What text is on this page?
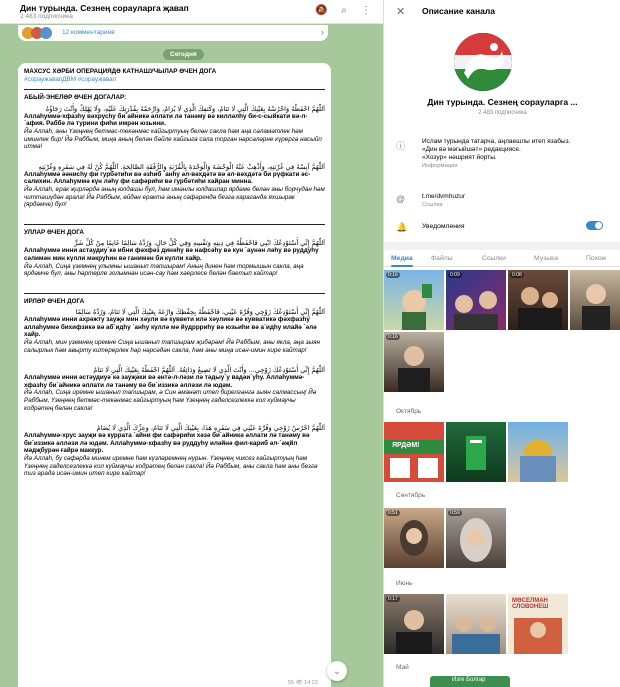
Дин турында. Сезнең сорауларга җавап
2 483 подписчика
🔕	⌕	⋮
12 комментариев	›
Сегодня
МАХСУС ХӘРБИ ОПЕРАЦИЯДӘ КАТНАШУЧЫЛАР ӨЧЕН ДОГА
#сораужавапДВМ #сораужавап
АБЫЙ-ЭНЕЛӘР ӨЧЕН ДОГАЛАР:
اَللّٰهُمَّ احْفَظْهُ وَاحْرُسْهُ بِعَيْنِكَ الَّتِي لَا تَنَامُ، وَكَنَفِكَ الَّذِي لَا يُرَامُ، وَارْحَمْهُ بِقُدْرَتِكَ عَلَيْهِ، وَلَا يَهْلِكْ وَأَنْتَ رَجَاؤُهُ
Аллаһуммә-хфазһу вәхрусһу би`айникә әллати лә танәму вә килләлһу би-с-сыйкати вә-л-`афия. Раббә лә турини фиһи имрән юзьини.
Йә Аллаһ, аны Үзеңнең бетмәс-текәнмәс кайгыртуың белән сакла һәм аңа сәламәтлек һәм иминлек бир! Йә Раббым, миңа аның белән бәйле кайгыга сала торган нәрсәләрне күрергә насыйп итмә!
اَللّٰهُمَّ آنِسْهُ فِي غُرْبَتِهِ، وَأَذْهِبْ عَنْهُ الْوَحْشَةَ وَالْوَحْدَةَ بِالْقُرْبَةِ وَالرُّفْقَةِ الصَّالِحَةِ. اَللّٰهُمَّ كُنْ لَهُ فِي سَفَرِهِ وَغُرْبَتِهِ
Аллаһуммә әәнисһу фи гурбәтиһи вә әзһиб `анһу әл-вәхдәтә вә әл-вәхдәтә би рүфкати әс-салихин. Аллаһуммә күн ләһу фи сафәриһи вә гурбәтиһи хайран минна.
Йә Аллаһ, ерак җирләрдә аның юлдашы бул, һәм имәнлы юлдашлар ярдәме белән аны борчудан һәм читтәшүдән арала! Йә Раббым, өйдән ерактә аның сәфәрендә безгә караганда яхшырак (ярдәмче) бул!
УЛЛАР ӨЧЕН ДОГА
اَللّٰهُمَّ إِنِّي أَسْتَوْدِعُكَ ابْنِي فَاحْفَظْهُ فِي دِينِهِ وَنَفْسِهِ وَفِي كُلِّ حَالٍ، وَرُدَّهُ سَالِمًا غَانِمًا مِنْ كُلِّ شَرٍّ
Аллаһуммә инни астаудиу`кә ибни фәхфәз динәһу вә нафсәһу вә кун `аунән ләһу вә руддуһу сәлимән мин күлли мәкруһин вә ганимән би күлли хайр.
Йә Аллаһ, Сиңа үземнең улымны ышанып тапшырам! Аның динен һәм тормышын сакла, аңа ярдәмче бул, аны һәртөрле золымнан исән-сау һәм хәерлесе белән баетып кайтар!
ИРЛӘР ӨЧЕН ДОГА
اَللّٰهُمَّ إِنِّي أَسْتَوْدِعُكَ زَوْجِي وَقُرَّةَ عَيْنِي، فَاحْفَظْهُ بِحِفْظِكَ وَارْعَهُ بِعَيْنِكَ الَّتِي لَا تَنَامُ، وَرُدَّهُ سَالِمًا
Аллаһуммә инни ахрәжту зауҗә мин хәули вә куввети илә хәуликә вә кувватикә фәхфазһу аллаһуммә бихифзикә вә аб`идһу `анһу күллә мә йудррриһу вә юзьиһи вә а`идһу илайә `әлә хайр.
Йә Аллаһ, мин үземнең иремне Сиңа ышанып тапшырам җибәрәм! Йә Раббым, аны якла, аңа зыян салырлык һәм авырту китерерлек һәр нәрсәдән сакла, һәм аны миңа исән-имин кире кайтар!
اَللّٰهُمَّ إِنِّي أَسْتَوْدِعُكَ زَوْجِي... وَأَنْتَ الَّذِي لَا تَضِيعُ وَدَائِعُهُ. اَللّٰهُمَّ احْفَظْهُ بِعَيْنِكَ الَّتِي لَا تَنَامُ
Аллаһуммә инни әстәудиуә`кә зауҗәки вә әнтә-л-ләзи лә тәдыу`у вадәи`уһу. Аллаһуммә-хфазһу би`айникә әллати лә танәму вә би`иззикә әлләзи лә юдәм.
Йә Аллаһ, Сиңа иремне ышанып тапшырам, ә Син әманәт итеп бирелгәнгә зыян салмассың! Йә Раббым, Үзеңнең бетмәс-текәнмәс кайгыртуың һәм Үзеңнең гаделсезлеккә кол куймаучы кодрәтең белән сакла!
اَللّٰهُمَّ احْرُسْ زَوْجِي وَقُرَّةَ عَيْنِي فِي سَفَرِهِ هَذَا، بِعَيْنِكَ الَّتِي لَا تَنَامُ، وَعِزِّكَ الَّذِي لَا يُضَامُ
Аллаһуммә-хрус зауҗи вә куррата `айни фи сафәриһи хәзә би`айникә әллати лә танәму вә би`иззикә әлләзи лә юдәм. Аллаһуммә-хфазһу вә руддуһу иләйнә фил-кариб әл-`әҗйл мәдҗбурән ғайрә маккур.
Йә Аллаһ, бу сәфәрдә минем иремне һәм күзләремнең нурын. Үзеңнең чиксез кайгыртуың һәм Үзеңнең гаделсезлеккә кол куймаучы кодрәтең белән сакла! Йә Раббым, аны сакла һәм аны безгә тиз арада исән-имин итеп кире кайтар!
55 👁 14:22
⌄
✕ Описание канала
Дин турында. Сезнең сорауларга ...
2 483 подписчика
ⓘ	Ислам турында татарча, аңлаешлы итеп язабыз.
«Дин вә мәгыйшәт» редакциясе.
«Хозур» нәшрият йорты.
Информация
@	t.me/dvmhuzur
Ссылка
🔔 Уведомления
Медиа	Файлы	Ссылки	Музыка	Похож
0:16	0:09	0:08
0:16
Октябрь
ЯРДӘМ!
Сентябрь
0:51	0:59
Июнь
0:17	МӨСЕЛМАН СЛОВОНЕШ
Май
Изге Болгар
